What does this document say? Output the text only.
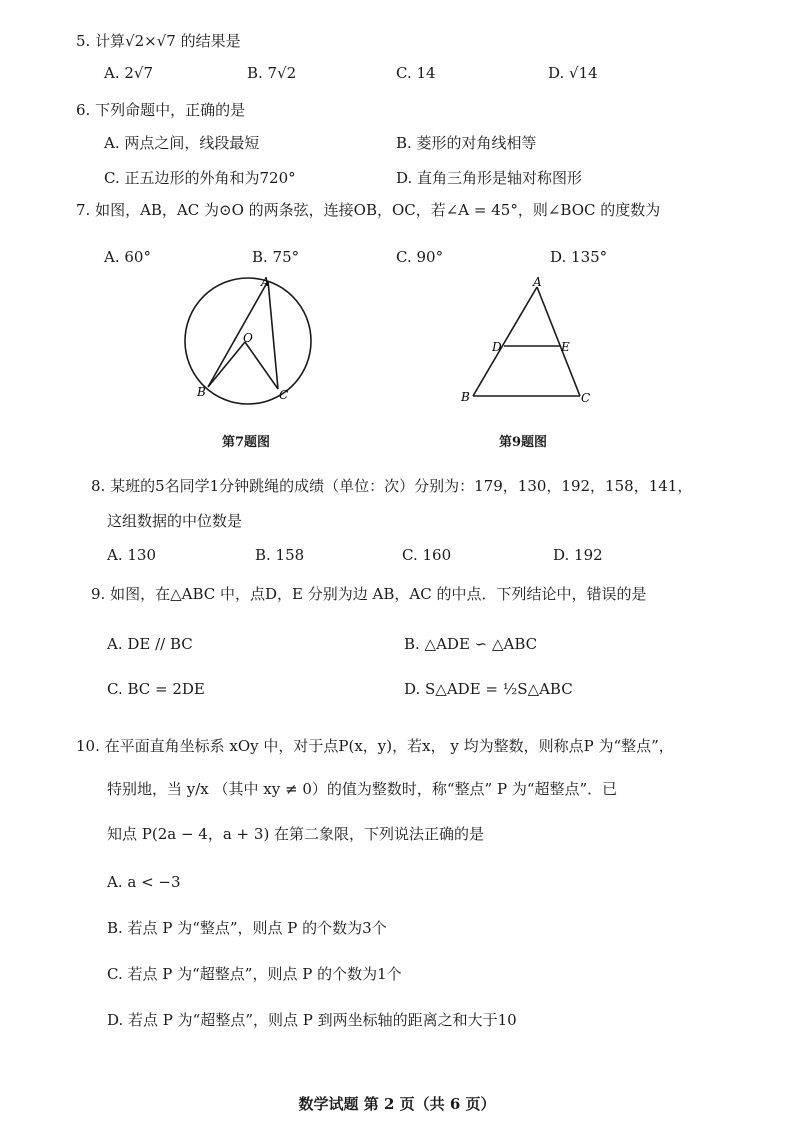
5. 计算√2×√7 的结果是
A. 2√7	B. 7√2	C. 14	D. √14
6. 下列命题中，正确的是
A. 两点之间，线段最短	B. 菱形的对角线相等
C. 正五边形的外角和为720°	D. 直角三角形是轴对称图形
7. 如图，AB，AC 为⊙O 的两条弦，连接OB，OC，若∠A = 45°，则∠BOC 的度数为
A. 60°	B. 75°	C. 90°	D. 135°
A
O
B	C
第7题图
A
D	E
B	C
第9题图
8. 某班的5名同学1分钟跳绳的成绩（单位：次）分别为：179，130，192，158，141，
这组数据的中位数是
A. 130	B. 158	C. 160	D. 192
9. 如图，在△ABC 中，点D，E 分别为边 AB，AC 的中点．下列结论中，错误的是
A. DE // BC	B. △ADE ∽ △ABC
C. BC = 2DE	D. S△ADE = ½S△ABC
10. 在平面直角坐标系 xOy 中，对于点P(x，y)，若x， y 均为整数，则称点P 为“整点”，
特别地，当 y/x （其中 xy ≠ 0）的值为整数时，称“整点” P 为“超整点”．已
知点 P(2a − 4，a + 3) 在第二象限，下列说法正确的是
A. a < −3
B. 若点 P 为“整点”，则点 P 的个数为3个
C. 若点 P 为“超整点”，则点 P 的个数为1个
D. 若点 P 为“超整点”，则点 P 到两坐标轴的距离之和大于10
数学试题 第 2 页（共 6 页）
